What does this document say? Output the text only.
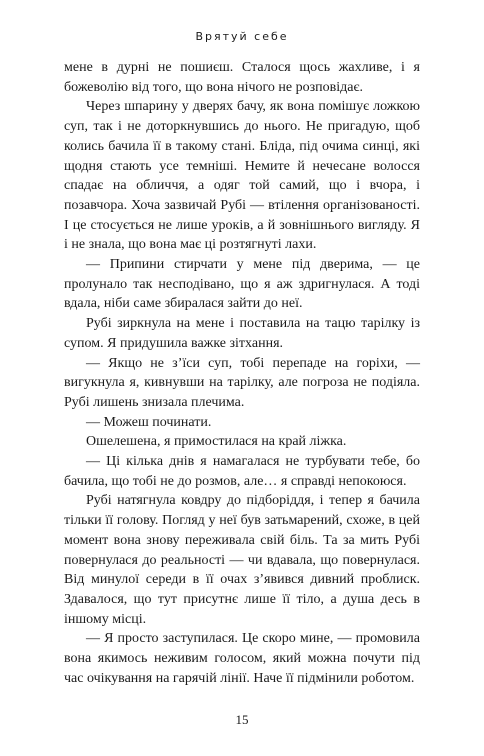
Врятуй себе

мене в дурні не пошиєш. Сталося щось жахливе, і я божеволію від того, що вона нічого не розповідає.

Через шпарину у дверях бачу, як вона помішує ложкою суп, так і не доторкнувшись до нього. Не пригадую, щоб колись бачила її в такому стані. Бліда, під очима синці, які щодня стають усе темніші. Немите й нечесане волосся спадає на обличчя, а одяг той самий, що і вчора, і позавчора. Хоча зазвичай Рубі — втілення організованості. І це стосується не лише уроків, а й зовнішнього вигляду. Я і не знала, що вона має ці розтягнуті лахи.

— Припини стирчати у мене під дверима, — це пролунало так несподівано, що я аж здригнулася. А тоді вдала, ніби саме збиралася зайти до неї.

Рубі зиркнула на мене і поставила на тацю тарілку із супом. Я придушила важке зітхання.

— Якщо не з’їси суп, тобі перепаде на горіхи, — вигукнула я, кивнувши на тарілку, але погроза не подіяла. Рубі лишень знизала плечима.

— Можеш починати.

Ошелешена, я примостилася на край ліжка.

— Ці кілька днів я намагалася не турбувати тебе, бо бачила, що тобі не до розмов, але… я справді непокоюся.

Рубі натягнула ковдру до підборіддя, і тепер я бачила тільки її голову. Погляд у неї був затьмарений, схоже, в цей момент вона знову переживала свій біль. Та за мить Рубі повернулася до реальності — чи вдавала, що повернулася. Від минулої середи в її очах з’явився дивний проблиск. Здавалося, що тут присутнє лише її тіло, а душа десь в іншому місці.

— Я просто заступилася. Це скоро мине, — промовила вона якимось неживим голосом, який можна почути під час очікування на гарячій лінії. Наче її підмінили роботом.

15
